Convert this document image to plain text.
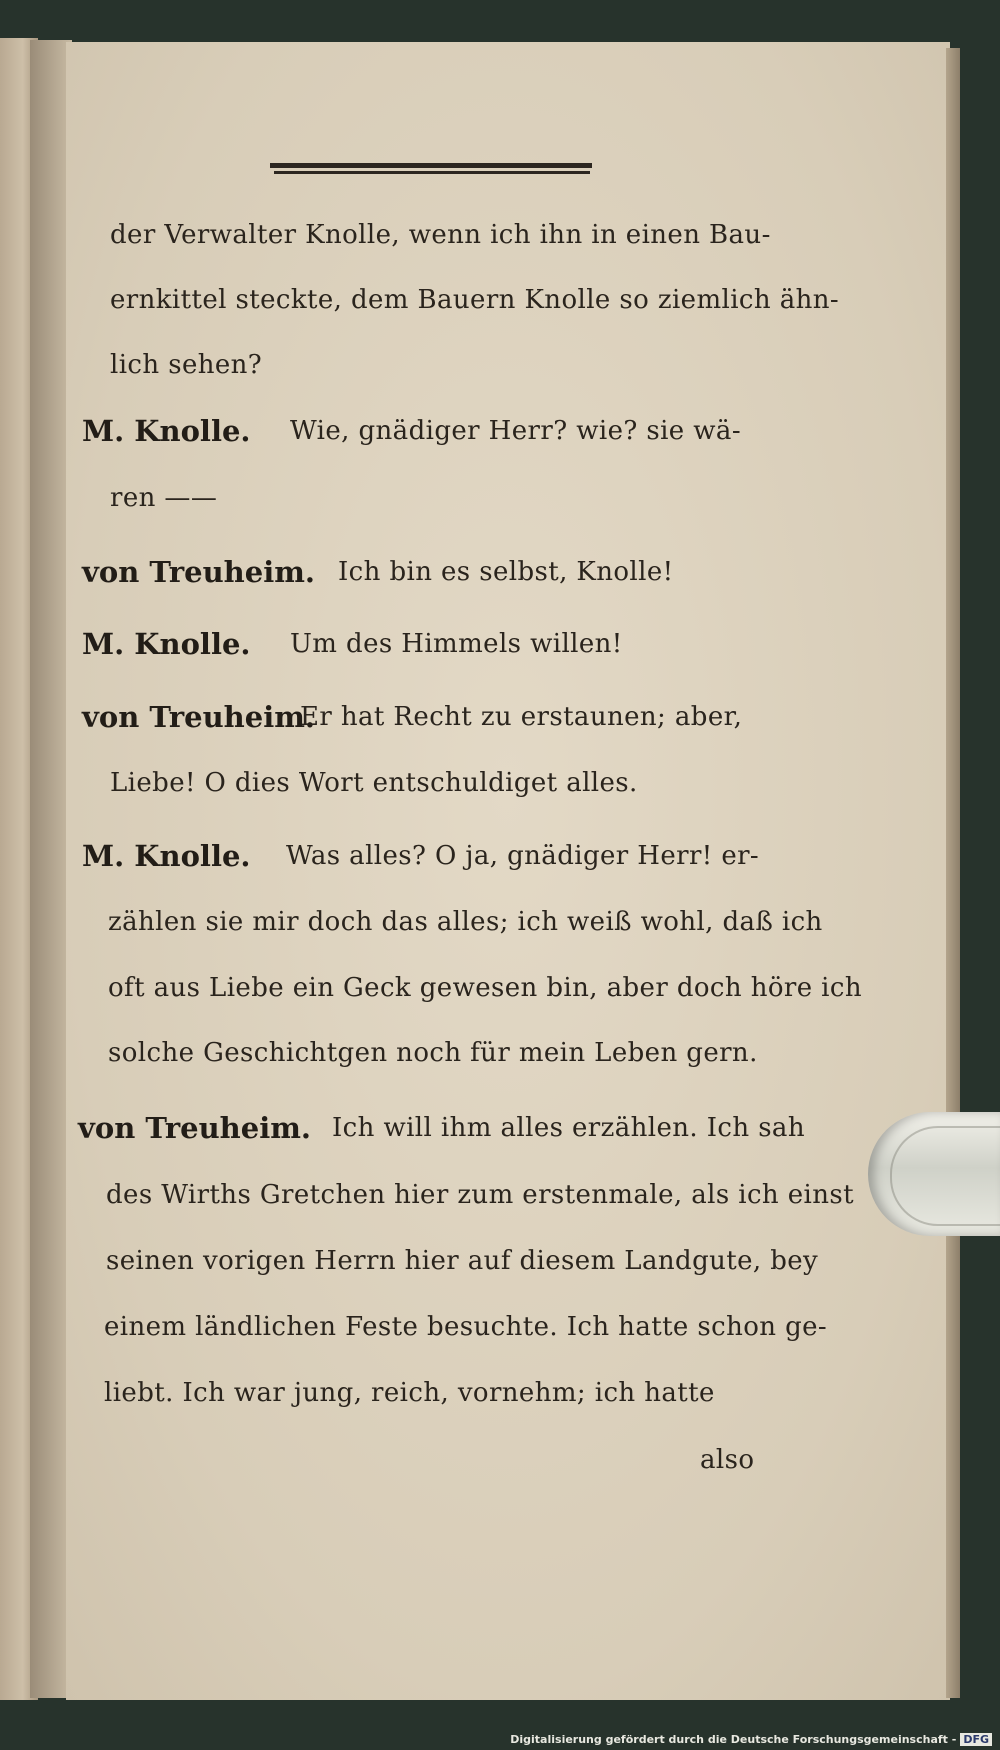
der Verwalter Knolle, wenn ich ihn in einen Bau-
ernkittel steckte, dem Bauern Knolle so ziemlich ähn-
lich sehen?
M. Knolle. Wie, gnädiger Herr? wie? sie wä-
ren ——
von Treuheim. Ich bin es selbst, Knolle!
M. Knolle. Um des Himmels willen!
von Treuheim.
Er hat Recht zu erstaunen; aber,
Liebe! O dies Wort entschuldiget alles.
M. Knolle. Was alles? O ja, gnädiger Herr! er-
zählen sie mir doch das alles; ich weiß wohl, daß ich
oft aus Liebe ein Geck gewesen bin, aber doch höre ich
solche Geschichtgen noch für mein Leben gern.
von Treuheim. Ich will ihm alles erzählen. Ich sah
des Wirths Gretchen hier zum erstenmale, als ich einst
seinen vorigen Herrn hier auf diesem Landgute, bey
einem ländlichen Feste besuchte. Ich hatte schon ge-
liebt. Ich war jung, reich, vornehm; ich hatte
also
Digitalisierung gefördert durch die Deutsche Forschungsgemeinschaft - DFG
